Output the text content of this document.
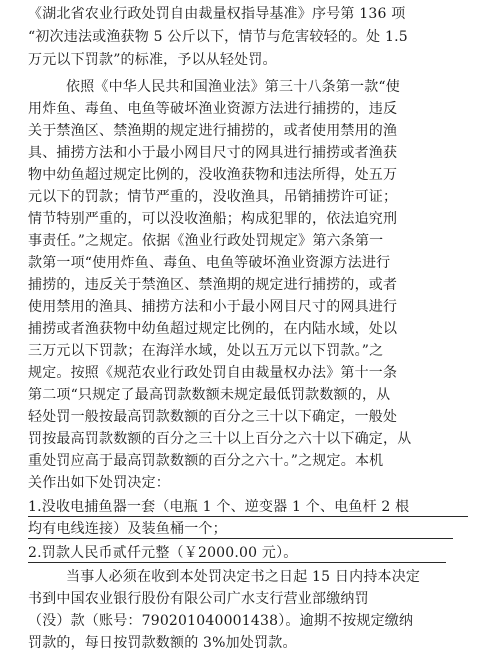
《湖北省农业行政处罚自由裁量权指导基准》序号第 136 项
“初次违法或渔获物 5 公斤以下，情节与危害较轻的。处 1.5
万元以下罚款”的标准，予以从轻处罚。
依照《中华人民共和国渔业法》第三十八条第一款“使
用炸鱼、毒鱼、电鱼等破坏渔业资源方法进行捕捞的，违反
关于禁渔区、禁渔期的规定进行捕捞的，或者使用禁用的渔
具、捕捞方法和小于最小网目尺寸的网具进行捕捞或者渔获
物中幼鱼超过规定比例的，没收渔获物和违法所得，处五万
元以下的罚款；情节严重的，没收渔具，吊销捕捞许可证；
情节特别严重的，可以没收渔船；构成犯罪的，依法追究刑
事责任。”之规定。依据《渔业行政处罚规定》第六条第一
款第一项“使用炸鱼、毒鱼、电鱼等破坏渔业资源方法进行
捕捞的，违反关于禁渔区、禁渔期的规定进行捕捞的，或者
使用禁用的渔具、捕捞方法和小于最小网目尺寸的网具进行
捕捞或者渔获物中幼鱼超过规定比例的，在内陆水域，处以
三万元以下罚款；在海洋水域，处以五万元以下罚款。”之
规定。按照《规范农业行政处罚自由裁量权办法》第十一条
第二项“只规定了最高罚款数额未规定最低罚款数额的，从
轻处罚一般按最高罚款数额的百分之三十以下确定，一般处
罚按最高罚款数额的百分之三十以上百分之六十以下确定，从
重处罚应高于最高罚款数额的百分之六十。”之规定。本机
关作出如下处罚决定：
1.没收电捕鱼器一套（电瓶 1 个、逆变器 1 个、电鱼杆 2 根
均有电线连接）及装鱼桶一个；
2.罚款人民币贰仟元整（￥2000.00 元）。
当事人必须在收到本处罚决定书之日起 15 日内持本决定
书到中国农业银行股份有限公司广水支行营业部缴纳罚
（没）款（账号：790201040001438）。逾期不按规定缴纳
罚款的，每日按罚款数额的 3%加处罚款。
